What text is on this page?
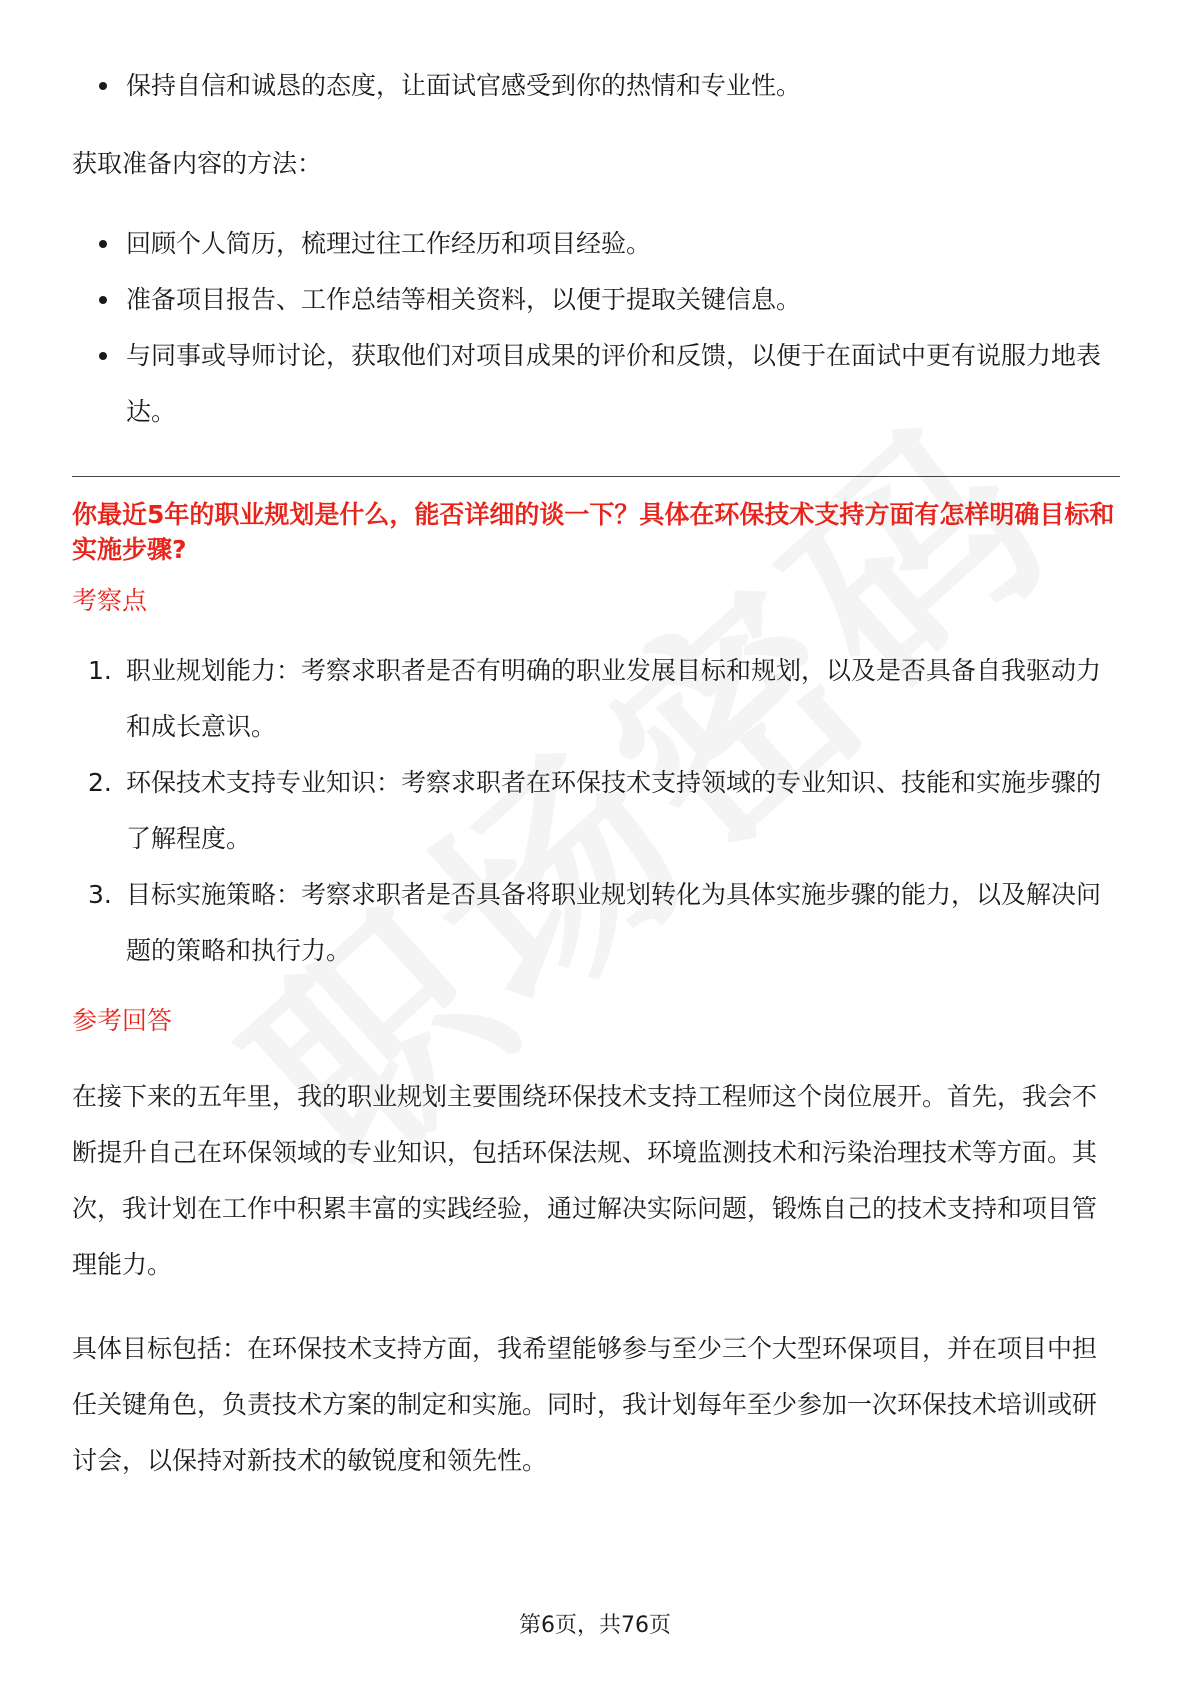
保持自信和诚恳的态度，让面试官感受到你的热情和专业性。

获取准备内容的方法：

回顾个人简历，梳理过往工作经历和项目经验。
准备项目报告、工作总结等相关资料，以便于提取关键信息。
与同事或导师讨论，获取他们对项目成果的评价和反馈，以便于在面试中更有说服力地表达。

你最近5年的职业规划是什么，能否详细的谈一下？具体在环保技术支持方面有怎样明确目标和实施步骤?

考察点

1. 职业规划能力：考察求职者是否有明确的职业发展目标和规划，以及是否具备自我驱动力和成长意识。
2. 环保技术支持专业知识：考察求职者在环保技术支持领域的专业知识、技能和实施步骤的了解程度。
3. 目标实施策略：考察求职者是否具备将职业规划转化为具体实施步骤的能力，以及解决问题的策略和执行力。

参考回答

在接下来的五年里，我的职业规划主要围绕环保技术支持工程师这个岗位展开。首先，我会不断提升自己在环保领域的专业知识，包括环保法规、环境监测技术和污染治理技术等方面。其次，我计划在工作中积累丰富的实践经验，通过解决实际问题，锻炼自己的技术支持和项目管理能力。

具体目标包括：在环保技术支持方面，我希望能够参与至少三个大型环保项目，并在项目中担任关键角色，负责技术方案的制定和实施。同时，我计划每年至少参加一次环保技术培训或研讨会，以保持对新技术的敏锐度和领先性。

第6页，共76页
